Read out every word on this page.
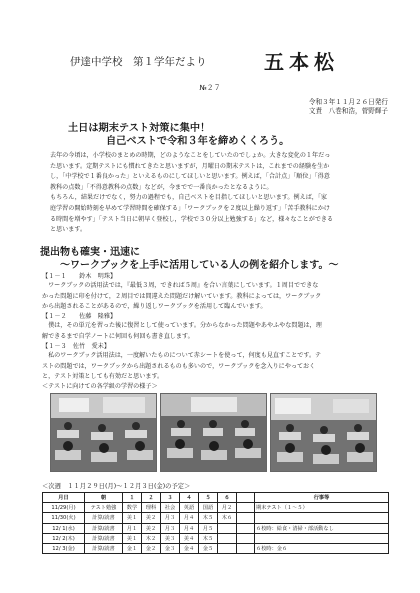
伊達中学校　第１学年だより	五本松
№２７
令和３年１１月２６日発行
文責　八巻和浩，菅野輝子
土日は期末テスト対策に集中！
自己ベストで令和３年を締めくくろう。
去年の今頃は，小学校のまとめの時期，どのようなことをしていたのでしょか。大きな変化の１年だっ
た思います。定期テストにも慣れてきたと思いますが，月曜日の期末テストは，これまでの経験を生か
し，「中学校で１番良かった」といえるものにしてほしいと思います。例えば，「合計点」「順位」「得意
教科の点数」「不得意教科の点数」などが，今までで一番良かったとなるように。
もちろん，結果だけでなく，努力の過程でも，自己ベストを目指してほしいと思います。例えば，「家
庭学習の開始時刻を早めて学習時間を確保する」「ワークブックを２度以上繰り返す」「苦手教科にかけ
る時間を増やす」「テスト当日に朝早く登校し，学校で３０分以上勉強する」など，様々なことができる
と思います。
提出物も確実・迅速に
～ワークブックを上手に活用している人の例を紹介します。～
【１－１　　鈴木　明珠】
　ワークブックの活用法では，『最低３周，できれば５周』を合い言葉にしています。１周目でできな
かった問題に印を付けて，２周目では間違えた問題だけ解いています。教科によっては，ワークブック
から出題されることがあるので，繰り返しワークブックを活用して臨んでいます。
【１－２　　佐藤　隆雅】
　僕は，その単元を習った後に復習として使っています。分からなかった問題やあやふやな問題は，理
解できるまで自学ノートに何回も何回も書き直します。
【１－３　佐竹　愛未】
　私のワークブック活用法は，一度解いたものについて赤シートを使って，何度も見直すことです。テ
ストの問題では，ワークブックから出題されるものも多いので，ワークブックを念入りにやっておく
と，テスト対策としても有効だと思います。
＜テストに向けての各学級の学習の様子＞
＜次週　１１月２９日(月)～１２月３日(金)の予定＞
月日	朝	１	２	３	４	５	６		行事等
11/29(月)	テスト勉強	数学	理科	社会	英語	国語	月２		期末テスト（１～５）
11/30(火)	計算/読書	美１	美２	月３	月４	木５	木６		
12/ 1(水)	計算/読書	月１	美２	月３	月４	月５			６校時：給食・清掃・部活動なし
12/ 2(木)	計算/読書	美１	木２	美３	美４	木５			
12/ 3(金)	計算/読書	金１	金２	金３	金４	金５			６校時：金６
